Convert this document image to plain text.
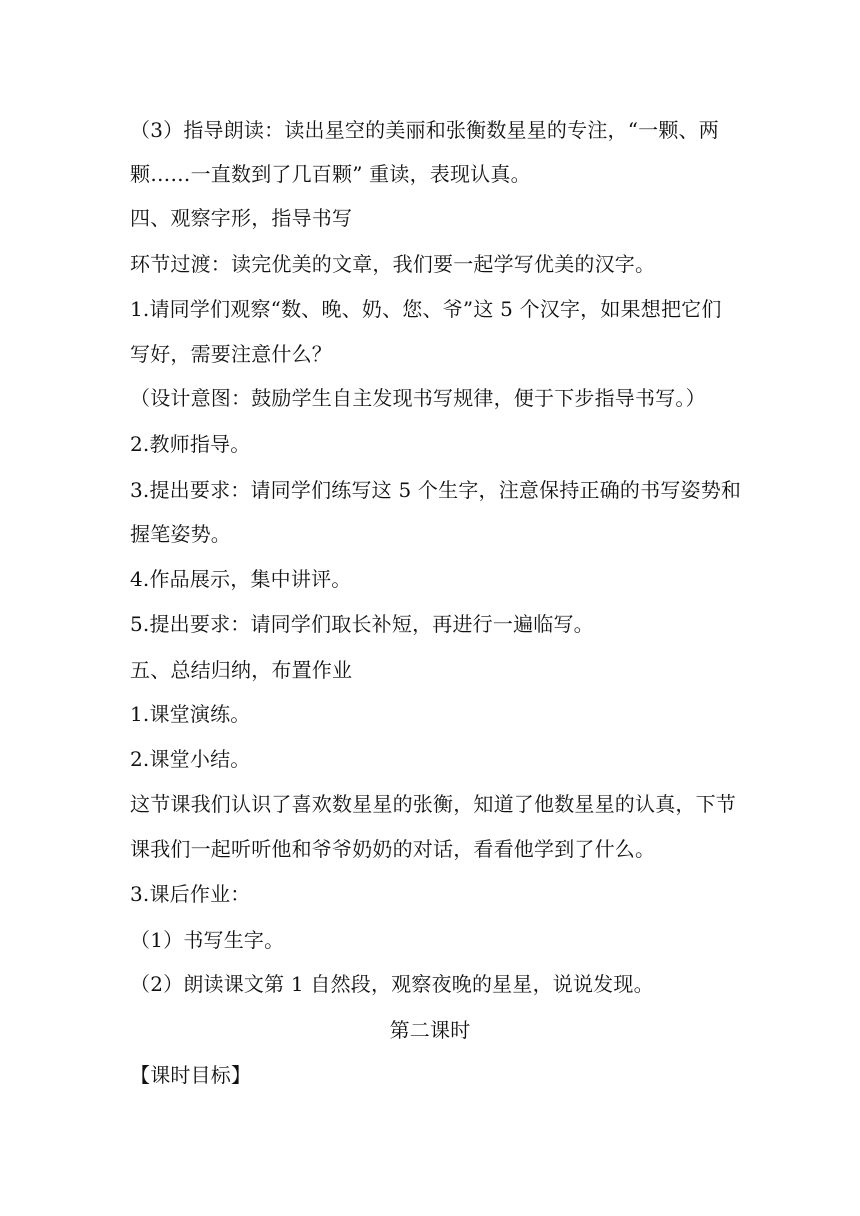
（3）指导朗读：读出星空的美丽和张衡数星星的专注，“一颗、两
颗……一直数到了几百颗” 重读，表现认真。
四、观察字形，指导书写
环节过渡：读完优美的文章，我们要一起学写优美的汉字。
1.请同学们观察“数、晚、奶、您、爷”这 5 个汉字，如果想把它们
写好，需要注意什么？
（设计意图：鼓励学生自主发现书写规律，便于下步指导书写。）
2.教师指导。
3.提出要求：请同学们练写这 5 个生字，注意保持正确的书写姿势和
握笔姿势。
4.作品展示，集中讲评。
5.提出要求：请同学们取长补短，再进行一遍临写。
五、总结归纳，布置作业
1.课堂演练。
2.课堂小结。
这节课我们认识了喜欢数星星的张衡，知道了他数星星的认真，下节
课我们一起听听他和爷爷奶奶的对话，看看他学到了什么。
3.课后作业：
（1）书写生字。
（2）朗读课文第 1 自然段，观察夜晚的星星，说说发现。
第二课时
【课时目标】
